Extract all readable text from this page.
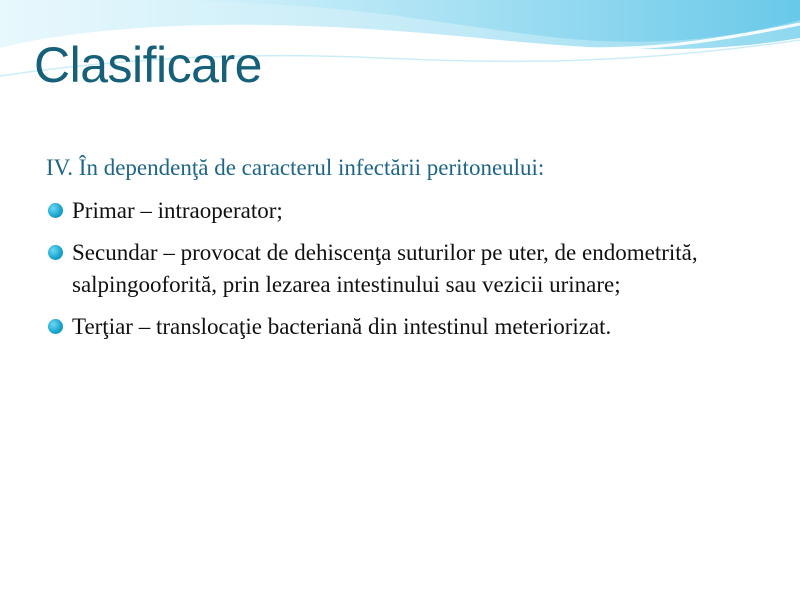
Clasificare

IV. În dependenţă de caracterul infectării peritoneului:

Primar – intraoperator;
Secundar – provocat de dehiscenţa suturilor pe uter, de endometrită, salpingooforită, prin lezarea intestinului sau vezicii urinare;
Terţiar – translocaţie bacteriană din intestinul meteriorizat.
